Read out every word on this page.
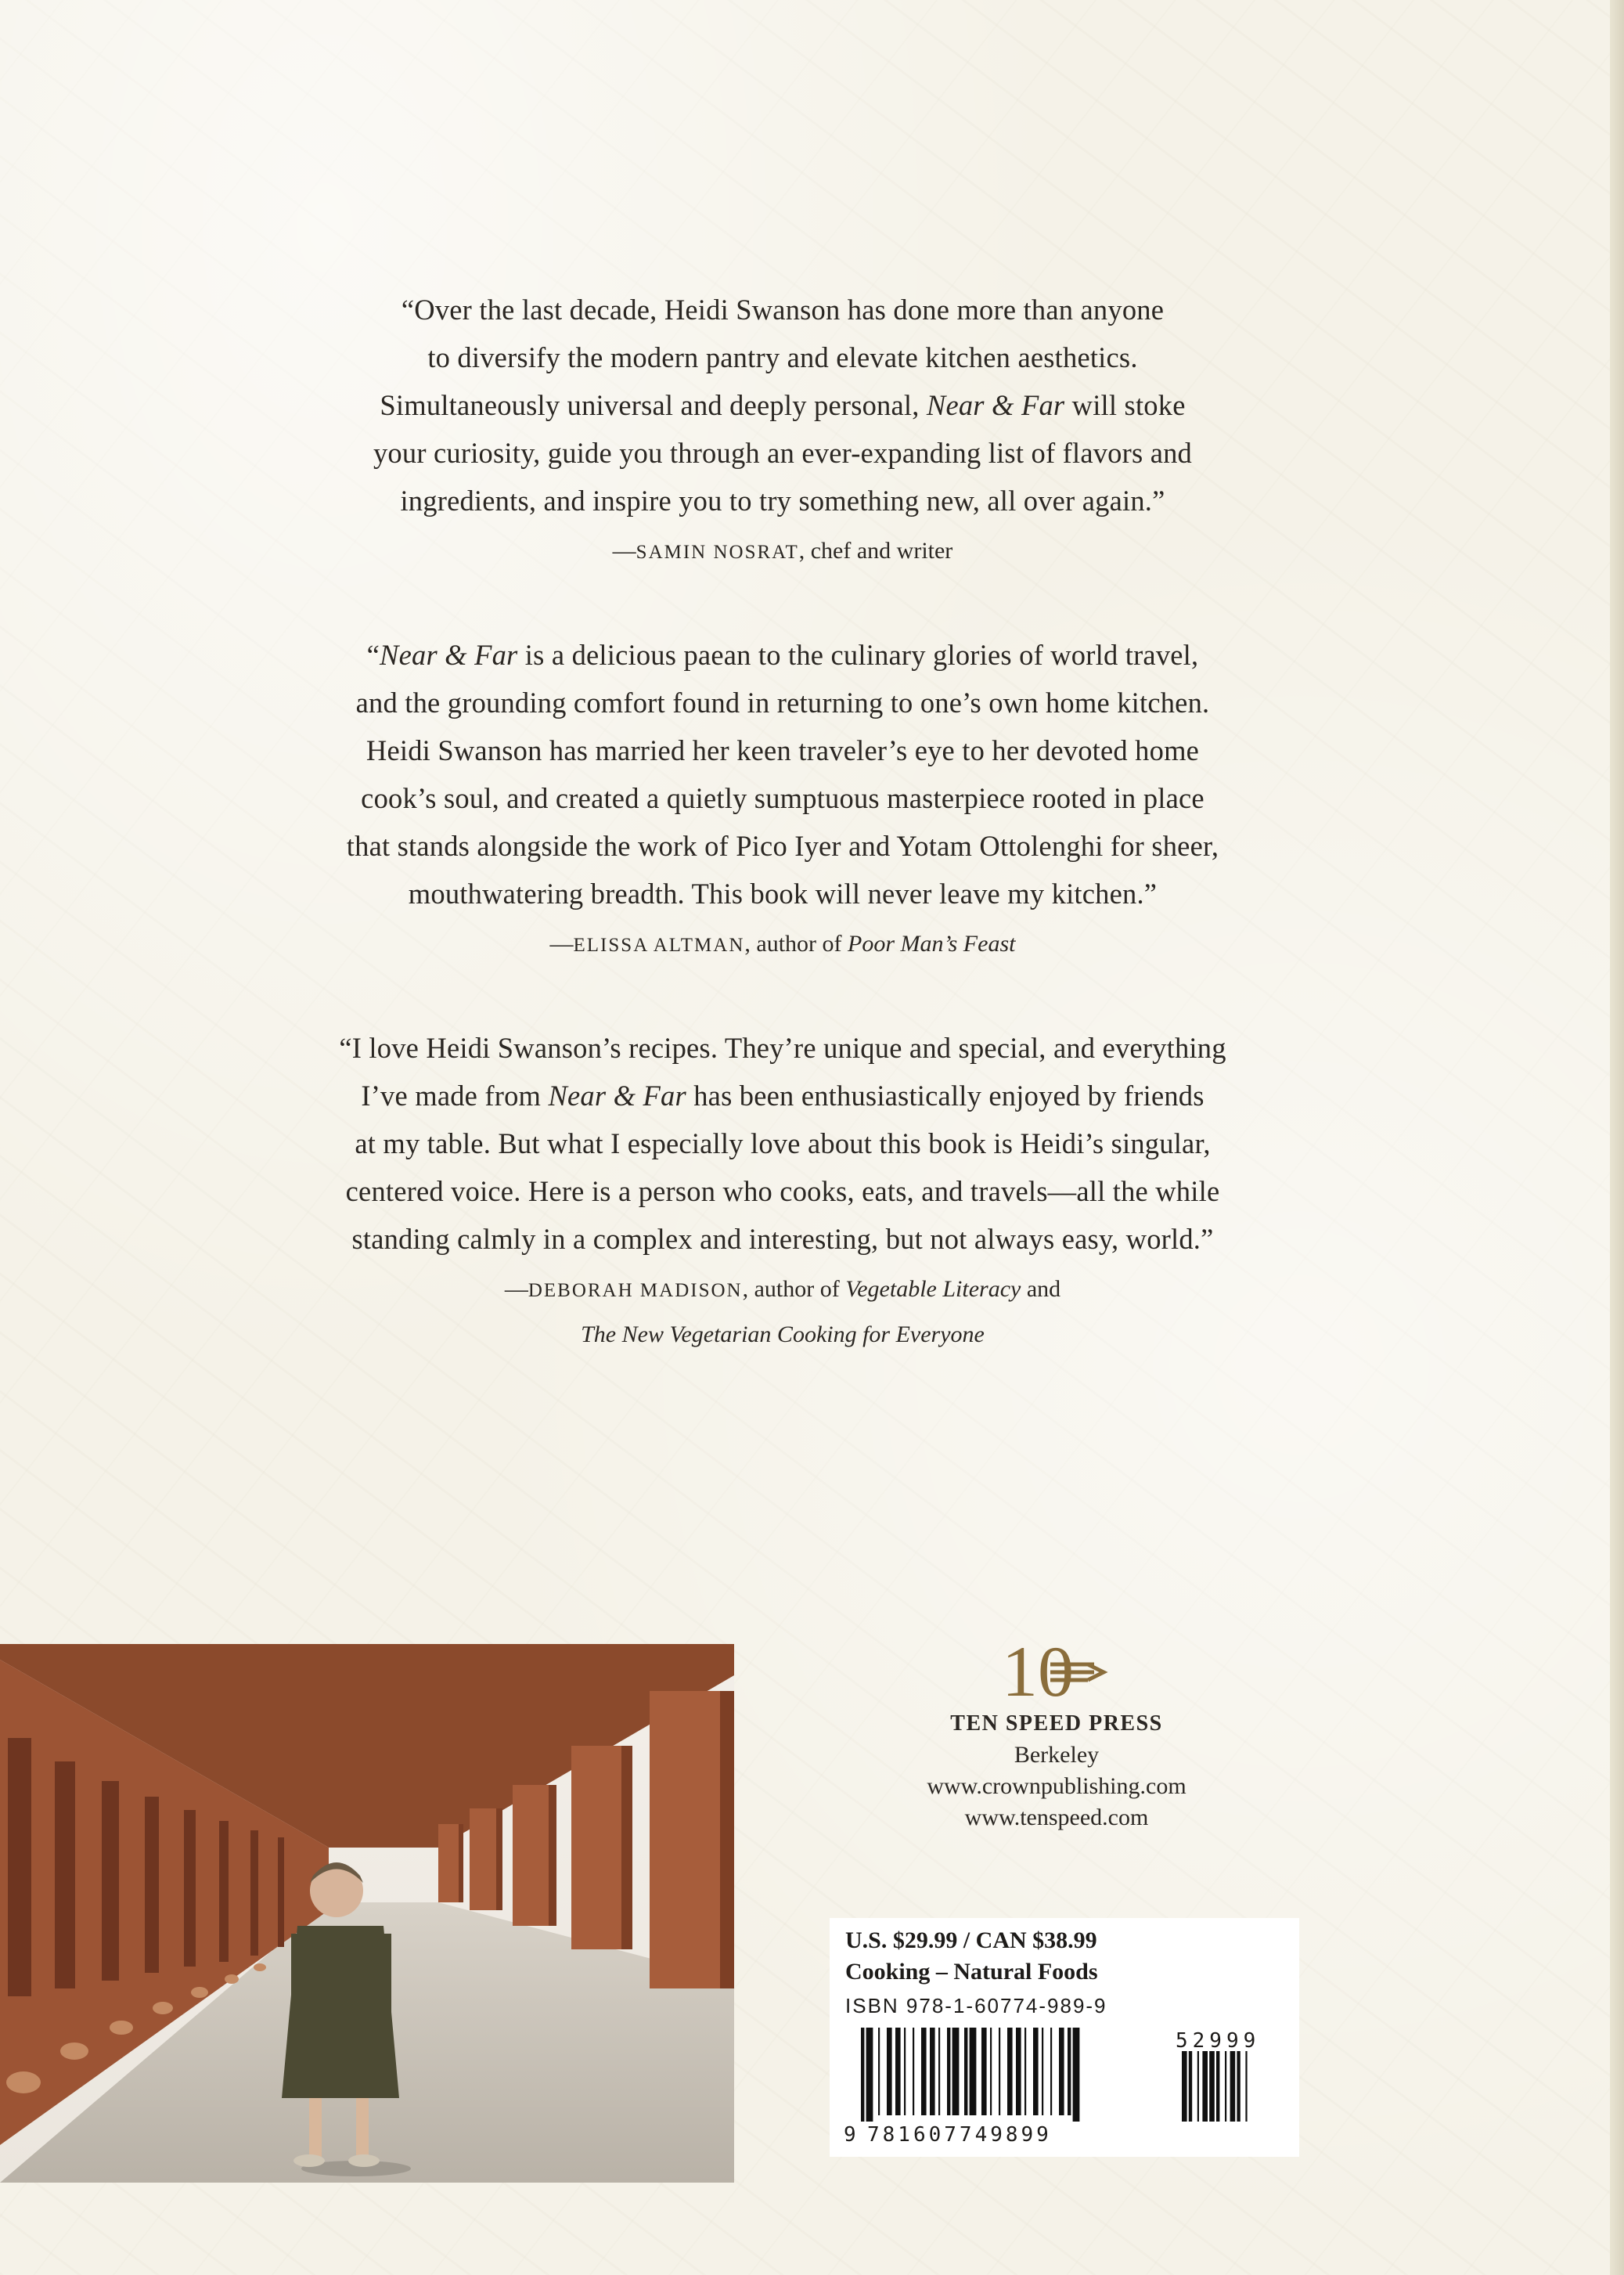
“Over the last decade, Heidi Swanson has done more than anyone

to diversify the modern pantry and elevate kitchen aesthetics.

Simultaneously universal and deeply personal, Near & Far will stoke

your curiosity, guide you through an ever-expanding list of flavors and

ingredients, and inspire you to try something new, all over again.”

—SAMIN NOSRAT, chef and writer

“Near & Far is a delicious paean to the culinary glories of world travel,

and the grounding comfort found in returning to one’s own home kitchen.

Heidi Swanson has married her keen traveler’s eye to her devoted home

cook’s soul, and created a quietly sumptuous masterpiece rooted in place

that stands alongside the work of Pico Iyer and Yotam Ottolenghi for sheer,

mouthwatering breadth. This book will never leave my kitchen.”

—ELISSA ALTMAN, author of Poor Man’s Feast

“I love Heidi Swanson’s recipes. They’re unique and special, and everything

I’ve made from Near & Far has been enthusiastically enjoyed by friends

at my table. But what I especially love about this book is Heidi’s singular,

centered voice. Here is a person who cooks, eats, and travels—all the while

standing calmly in a complex and interesting, but not always easy, world.”

—DEBORAH MADISON, author of Vegetable Literacy and

The New Vegetarian Cooking for Everyone

10

TEN SPEED PRESS

Berkeley

www.crownpublishing.com

www.tenspeed.com

U.S. $29.99 / CAN $38.99
Cooking – Natural Foods
ISBN 978-1-60774-989-9
9 781607749899
52999
